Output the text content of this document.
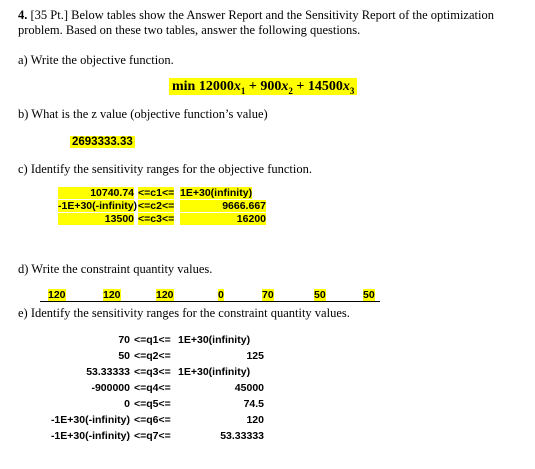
4. [35 Pt.] Below tables show the Answer Report and the Sensitivity Report of the optimization
problem. Based on these two tables, answer the following questions.
a) Write the objective function.
$\min 12000x_1 + 900x_2 + 14500x_3$
b) What is the z value (objective function’s value)
2693333.33
c) Identify the sensitivity ranges for the objective function.
10740.74 <=c1<= 1E+30(infinity)
-1E+30(-infinity) <=c2<=	9666.667
13500 <=c3<=	16200
d) Write the constraint quantity values.
120	120	120	0	70	50	50
e) Identify the sensitivity ranges for the constraint quantity values.
70 <=q1<= 1E+30(infinity)
50 <=q2<=	125
53.33333 <=q3<= 1E+30(infinity)
-900000 <=q4<=	45000
0 <=q5<=	74.5
-1E+30(-infinity) <=q6<=	120
-1E+30(-infinity) <=q7<=	53.33333
